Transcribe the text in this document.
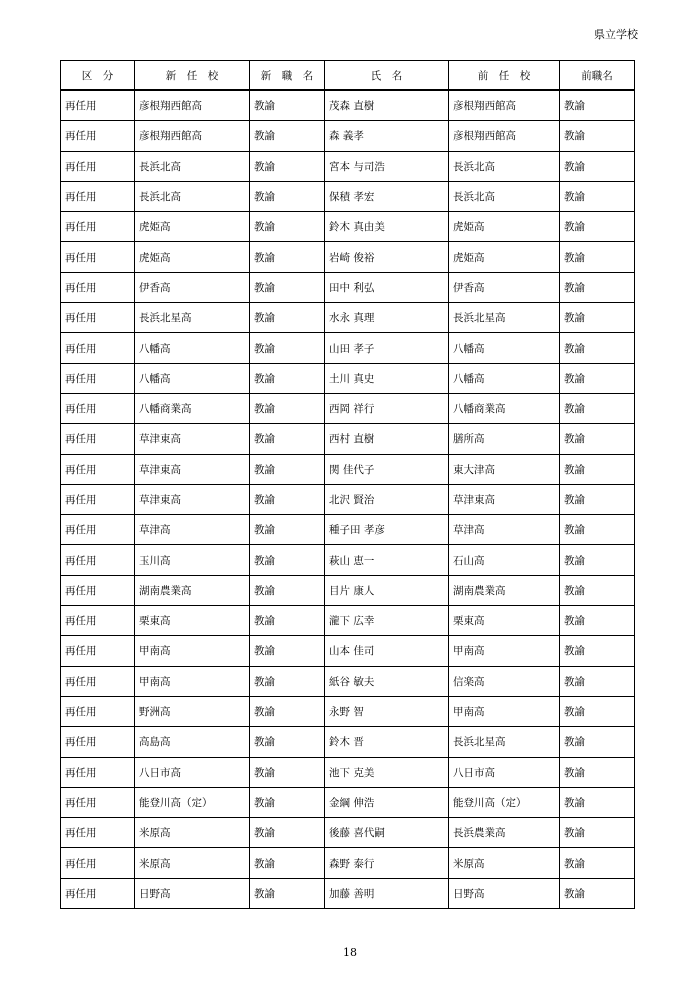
県立学校
区　分	新　任　校	新　職　名	氏　名	前　任　校	前職名
再任用	彦根翔西館高	教諭	茂森 直樹	彦根翔西館高	教諭
再任用	彦根翔西館高	教諭	森 義孝	彦根翔西館高	教諭
再任用	長浜北高	教諭	宮本 与司浩	長浜北高	教諭
再任用	長浜北高	教諭	保積 孝宏	長浜北高	教諭
再任用	虎姫高	教諭	鈴木 真由美	虎姫高	教諭
再任用	虎姫高	教諭	岩崎 俊裕	虎姫高	教諭
再任用	伊香高	教諭	田中 利弘	伊香高	教諭
再任用	長浜北星高	教諭	水永 真理	長浜北星高	教諭
再任用	八幡高	教諭	山田 孝子	八幡高	教諭
再任用	八幡高	教諭	土川 真史	八幡高	教諭
再任用	八幡商業高	教諭	西岡 祥行	八幡商業高	教諭
再任用	草津東高	教諭	西村 直樹	膳所高	教諭
再任用	草津東高	教諭	関 佳代子	東大津高	教諭
再任用	草津東高	教諭	北沢 賢治	草津東高	教諭
再任用	草津高	教諭	種子田 孝彦	草津高	教諭
再任用	玉川高	教諭	萩山 恵一	石山高	教諭
再任用	湖南農業高	教諭	目片 康人	湖南農業高	教諭
再任用	栗東高	教諭	瀧下 広幸	栗東高	教諭
再任用	甲南高	教諭	山本 佳司	甲南高	教諭
再任用	甲南高	教諭	紙谷 敏夫	信楽高	教諭
再任用	野洲高	教諭	永野 智	甲南高	教諭
再任用	高島高	教諭	鈴木 晋	長浜北星高	教諭
再任用	八日市高	教諭	池下 克美	八日市高	教諭
再任用	能登川高（定）	教諭	金綱 伸浩	能登川高（定）	教諭
再任用	米原高	教諭	後藤 喜代嗣	長浜農業高	教諭
再任用	米原高	教諭	森野 泰行	米原高	教諭
再任用	日野高	教諭	加藤 善明	日野高	教諭
18
